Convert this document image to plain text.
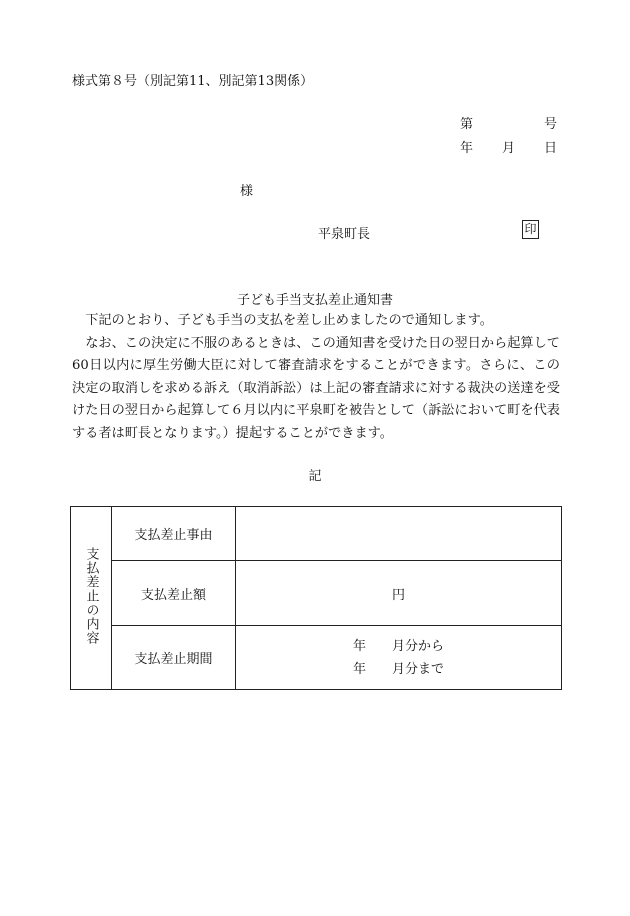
様式第８号（別記第11、別記第13関係）
第	号
年 月 日
様
平泉町長	印
子ども手当支払差止通知書

下記のとおり、子ども手当の支払を差し止めましたので通知します。

なお、この決定に不服のあるときは、この通知書を受けた日の翌日から起算して60日以内に厚生労働大臣に対して審査請求をすることができます。さらに、この決定の取消しを求める訴え（取消訴訟）は上記の審査請求に対する裁決の送達を受けた日の翌日から起算して６月以内に平泉町を被告として（訴訟において町を代表する者は町長となります。）提起することができます。

記
支払差止の内容	支払差止事由	
	支払差止額	円
	支払差止期間	年   月分から
年   月分まで
